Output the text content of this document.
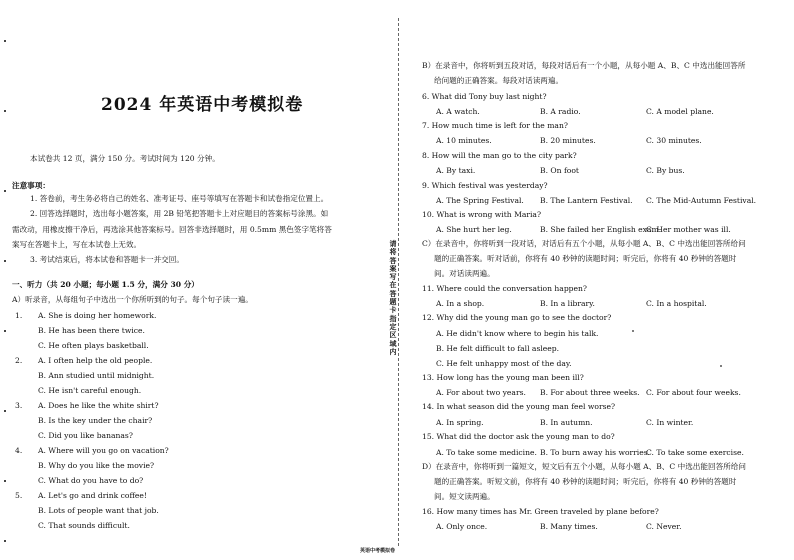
2024 年英语中考模拟卷
本试卷共 12 页，满分 150 分。考试时间为 120 分钟。
注意事项：
1. 答卷前，考生务必将自己的姓名、准考证号、座号等填写在答题卡和试卷指定位置上。
2. 回答选择题时，选出每小题答案，用 2B 铅笔把答题卡上对应题目的答案标号涂黑。如
需改动，用橡皮擦干净后，再选涂其他答案标号。回答非选择题时，用 0.5mm 黑色签字笔将答
案写在答题卡上，写在本试卷上无效。
3. 考试结束后，将本试卷和答题卡一并交回。
一、听力（共 20 小题；每小题 1.5 分，满分 30 分）
A）听录音，从每组句子中选出一个你所听到的句子。每个句子读一遍。
1. A. She is doing her homework.
B. He has been there twice.
C. He often plays basketball.
2. A. I often help the old people.
B. Ann studied until midnight.
C. He isn't careful enough.
3. A. Does he like the white shirt?
B. Is the key under the chair?
C. Did you like bananas?
4. A. Where will you go on vacation?
B. Why do you like the movie?
C. What do you have to do?
5. A. Let's go and drink coffee!
B. Lots of people want that job.
C. That sounds difficult.
请将答案写在答题卡指定区域内
B）在录音中，你将听到五段对话，每段对话后有一个小题，从每小题 A、B、C 中选出能回答所
给问题的正确答案。每段对话读两遍。
6. What did Tony buy last night?
A. A watch.	B. A radio.	C. A model plane.
7. How much time is left for the man?
A. 10 minutes.	B. 20 minutes.	C. 30 minutes.
8. How will the man go to the city park?
A. By taxi.	B. On foot	C. By bus.
9. Which festival was yesterday?
A. The Spring Festival. B. The Lantern Festival. C. The Mid-Autumn Festival.
10. What is wrong with Maria?
A. She hurt her leg.	B. She failed her English exam.
C. Her mother was ill.
C）在录音中，你将听到一段对话，对话后有五个小题，从每小题 A、B、C 中选出能回答所给问
题的正确答案。听对话前，你将有 40 秒钟的读题时间；听完后，你将有 40 秒钟的答题时
间。对话读两遍。
11. Where could the conversation happen?
A. In a shop.	B. In a library.	C. In a hospital.
12. Why did the young man go to see the doctor?
A. He didn't know where to begin his talk.
B. He felt difficult to fall asleep.
C. He felt unhappy most of the day.
13. How long has the young man been ill?
A. For about two years. B. For about three weeks. C. For about four weeks.
14. In what season did the young man feel worse?
A. In spring.	B. In autumn.	C. In winter.
15. What did the doctor ask the young man to do?
A. To take some medicine. B. To burn away his worries.
C. To take some exercise.
D）在录音中，你将听到一篇短文，短文后有五个小题，从每小题 A、B、C 中选出能回答所给问
题的正确答案。听短文前，你将有 40 秒钟的读题时间；听完后，你将有 40 秒钟的答题时
间。短文读两遍。
16. How many times has Mr. Green traveled by plane before?
A. Only once.	B. Many times.	C. Never.
英语中考模拟卷
